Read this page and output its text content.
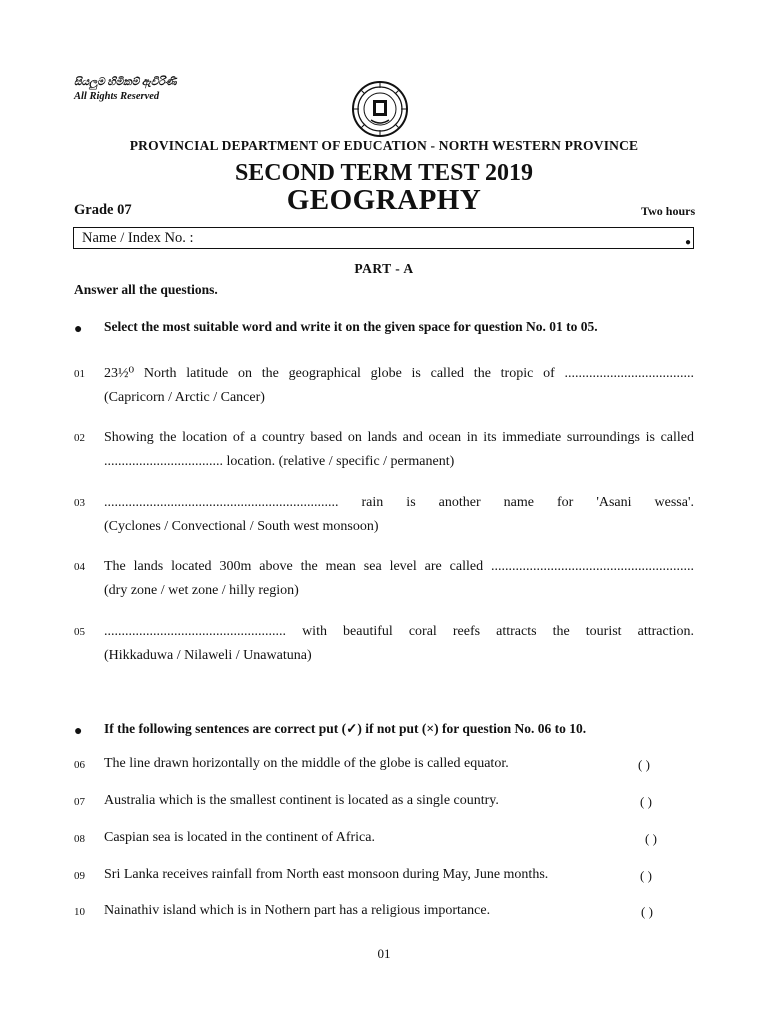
සියලුම හිමිකම් ඇවිරිණි
All Rights Reserved
PROVINCIAL DEPARTMENT OF EDUCATION - NORTH WESTERN PROVINCE
SECOND TERM TEST 2019
GEOGRAPHY
Grade 07	Two hours
Name / Index No. :	●
PART - A
Answer all the questions.
● Select the most suitable word and write it on the given space for question No. 01 to 05.
01 23½⁰ North latitude on the geographical globe is called the tropic of .....................................
(Capricorn / Arctic / Cancer)
02 Showing the location of a country based on lands and ocean in its immediate surroundings is called
.................................. location. (relative / specific / permanent)
03 ................................................................... rain is another name for 'Asani wessa'.
(Cyclones / Convectional / South west monsoon)
04 The lands located 300m above the mean sea level are called ..........................................................
(dry zone / wet zone / hilly region)
05 .................................................... with beautiful coral reefs attracts the tourist attraction.
(Hikkaduwa / Nilaweli / Unawatuna)
● If the following sentences are correct put (✓) if not put (×) for question No. 06 to 10.
06 The line drawn horizontally on the middle of the globe is called equator.	( )
07 Australia which is the smallest continent is located as a single country.	( )
08 Caspian sea is located in the continent of Africa.	( )
09 Sri Lanka receives rainfall from North east monsoon during May, June months.	( )
10 Nainathiv island which is in Nothern part has a religious importance.	( )
01
